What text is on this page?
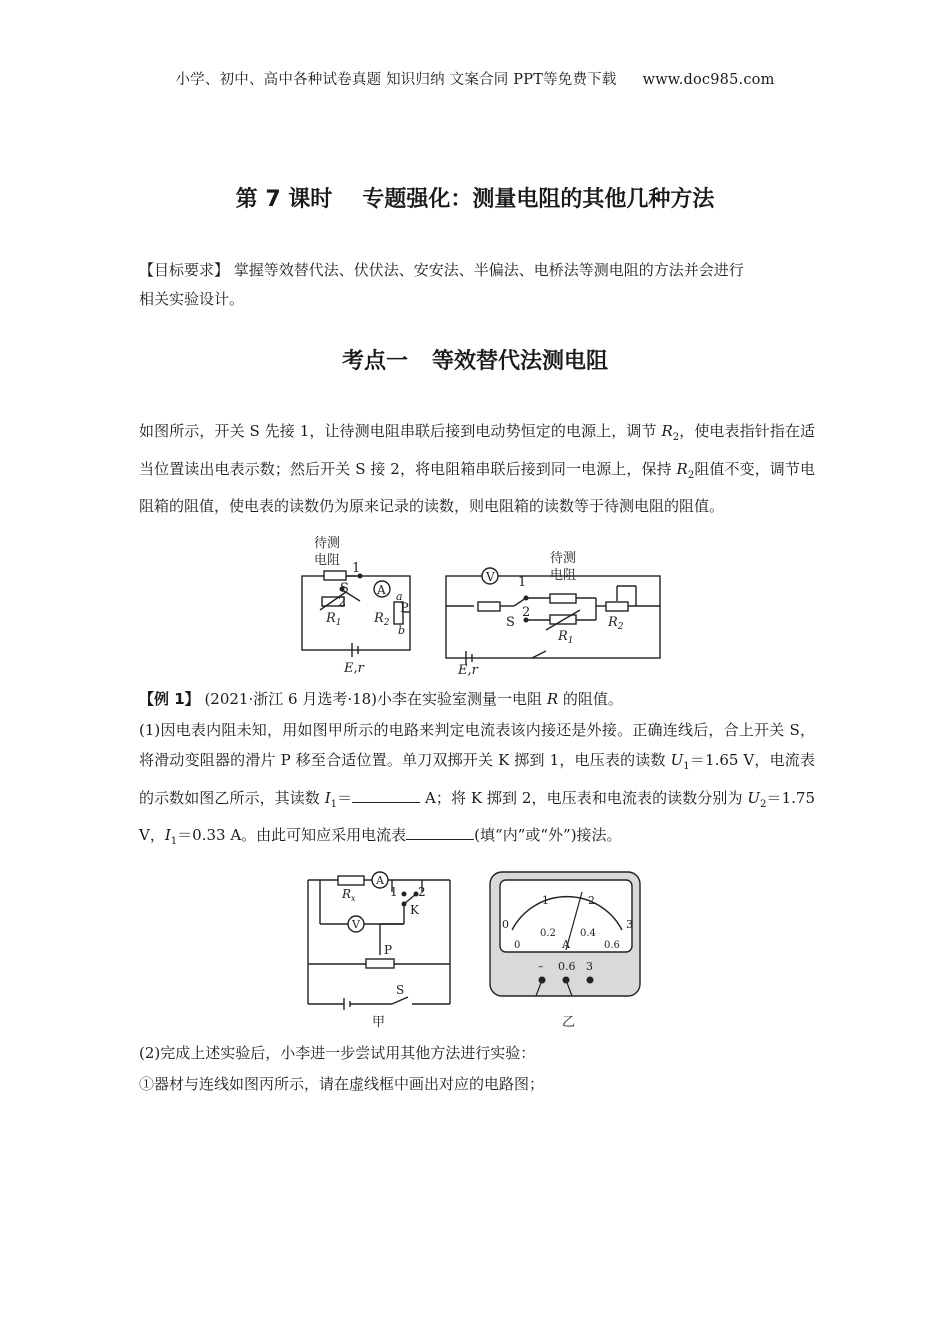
小学、初中、高中各种试卷真题 知识归纳 文案合同 PPT等免费下载 www.doc985.com
第 7 课时 专题强化：测量电阻的其他几种方法
【目标要求】 掌握等效替代法、伏伏法、安安法、半偏法、电桥法等测电阻的方法并会进行
相关实验设计。
考点一 等效替代法测电阻
如图所示，开关 S 先接 1，让待测电阻串联后接到电动势恒定的电源上，调节 $R_2$，使电表指针指在适当位置读出电表示数；然后开关 S 接 2，将电阻箱串联后接到同一电源上，保持 $R_2$阻值不变，调节电阻箱的阻值，使电表的读数仍为原来记录的读数，则电阻箱的读数等于待测电阻的阻值。
待测
电阻
1
2
S A
$R_1$ $R_2$
P
a
b
E,r
待测
电阻
V 1
2
S
$R_1$
$R_2$
E,r
【例 1】 (2021·浙江 6 月选考·18)小李在实验室测量一电阻 R 的阻值。
(1)因电表内阻未知，用如图甲所示的电路来判定电流表该内接还是外接。正确连线后，合上开关 S，将滑动变阻器的滑片 P 移至合适位置。单刀双掷开关 K 掷到 1，电压表的读数 $U_1=1.65$ V，电流表的示数如图乙所示，其读数 $I_1=$	A；将 K 掷到 2，电压表和电流表的读数分别为 $U_2=1.75$ V，$I_1=0.33$ A。由此可知应采用电流表	(填“内”或“外”)接法。
$R_x$
A
V
1 2
K
P
S
甲
0
1	2
3
0
0.2 0.4
0.6
A
– 0.6 3
乙
(2)完成上述实验后，小李进一步尝试用其他方法进行实验：
①器材与连线如图丙所示，请在虚线框中画出对应的电路图；
